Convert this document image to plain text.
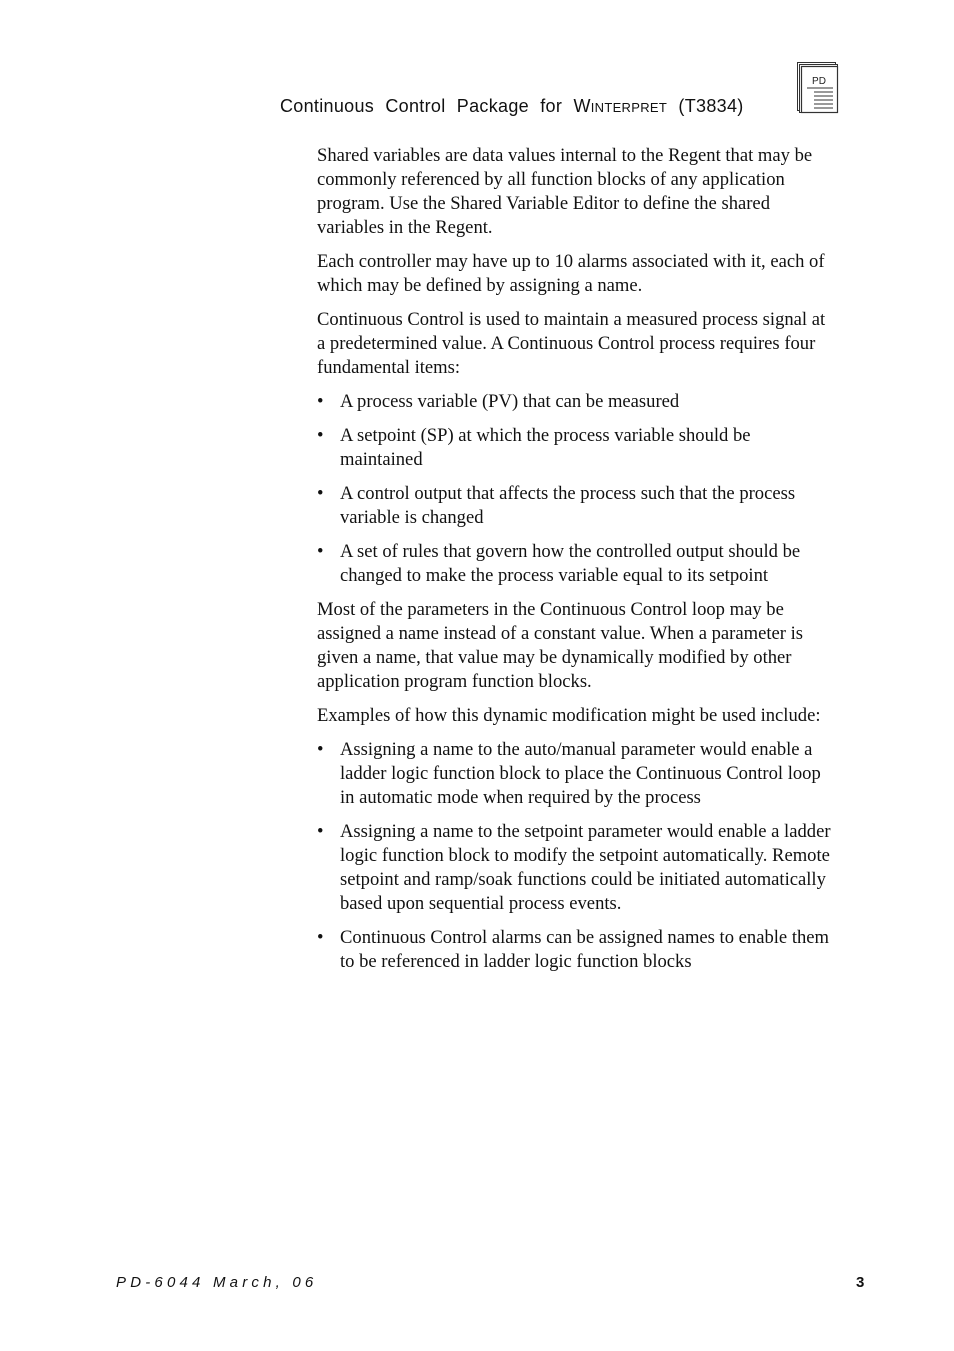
Continuous Control Package for Winterpret (T3834)
PD

Shared variables are data values internal to the Regent that may be commonly referenced by all function blocks of any application program. Use the Shared Variable Editor to define the shared variables in the Regent.

Each controller may have up to 10 alarms associated with it, each of which may be defined by assigning a name.

Continuous Control is used to maintain a measured process signal at a predetermined value. A Continuous Control process requires four fundamental items:

• A process variable (PV) that can be measured
• A setpoint (SP) at which the process variable should be maintained
• A control output that affects the process such that the process variable is changed
• A set of rules that govern how the controlled output should be changed to make the process variable equal to its setpoint

Most of the parameters in the Continuous Control loop may be assigned a name instead of a constant value. When a parameter is given a name, that value may be dynamically modified by other application program function blocks.

Examples of how this dynamic modification might be used include:

• Assigning a name to the auto/manual parameter would enable a ladder logic function block to place the Continuous Control loop in automatic mode when required by the process
• Assigning a name to the setpoint parameter would enable a ladder logic function block to modify the setpoint automatically. Remote setpoint and ramp/soak functions could be initiated automatically based upon sequential process events.
• Continuous Control alarms can be assigned names to enable them to be referenced in ladder logic function blocks
PD-6044 March, 06	3
